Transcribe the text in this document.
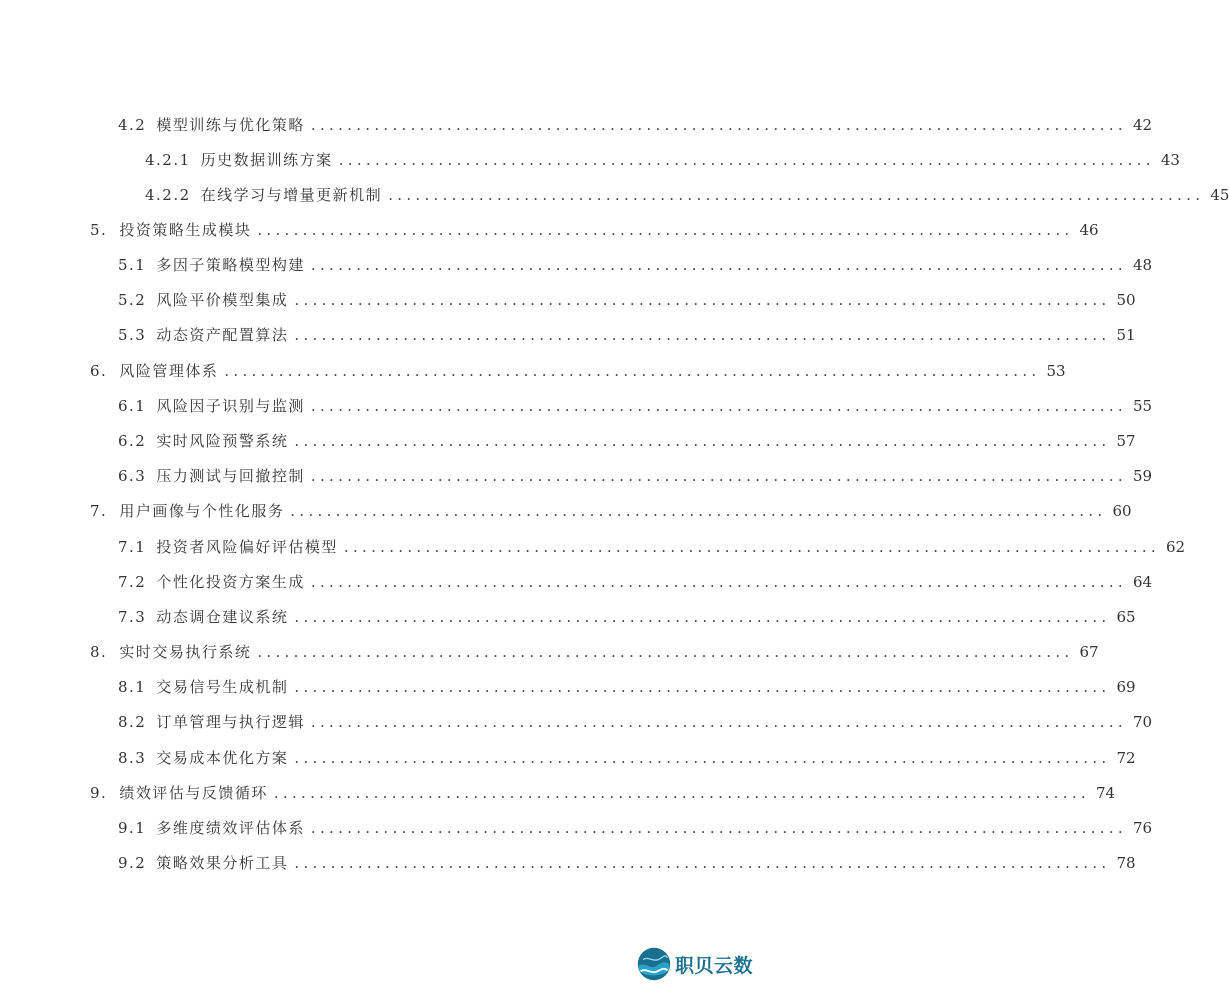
4.2 模型训练与优化策略 .......................................................................................... 42
4.2.1 历史数据训练方案 .......................................................................................... 43
4.2.2 在线学习与增量更新机制 .......................................................................................... 45
5. 投资策略生成模块 .......................................................................................... 46
5.1 多因子策略模型构建 .......................................................................................... 48
5.2 风险平价模型集成 .......................................................................................... 50
5.3 动态资产配置算法 .......................................................................................... 51
6. 风险管理体系 .......................................................................................... 53
6.1 风险因子识别与监测 .......................................................................................... 55
6.2 实时风险预警系统 .......................................................................................... 57
6.3 压力测试与回撤控制 .......................................................................................... 59
7. 用户画像与个性化服务 .......................................................................................... 60
7.1 投资者风险偏好评估模型 .......................................................................................... 62
7.2 个性化投资方案生成 .......................................................................................... 64
7.3 动态调仓建议系统 .......................................................................................... 65
8. 实时交易执行系统 .......................................................................................... 67
8.1 交易信号生成机制 .......................................................................................... 69
8.2 订单管理与执行逻辑 .......................................................................................... 70
8.3 交易成本优化方案 .......................................................................................... 72
9. 绩效评估与反馈循环 .......................................................................................... 74
9.1 多维度绩效评估体系 .......................................................................................... 76
9.2 策略效果分析工具 .......................................................................................... 78
职贝云数
